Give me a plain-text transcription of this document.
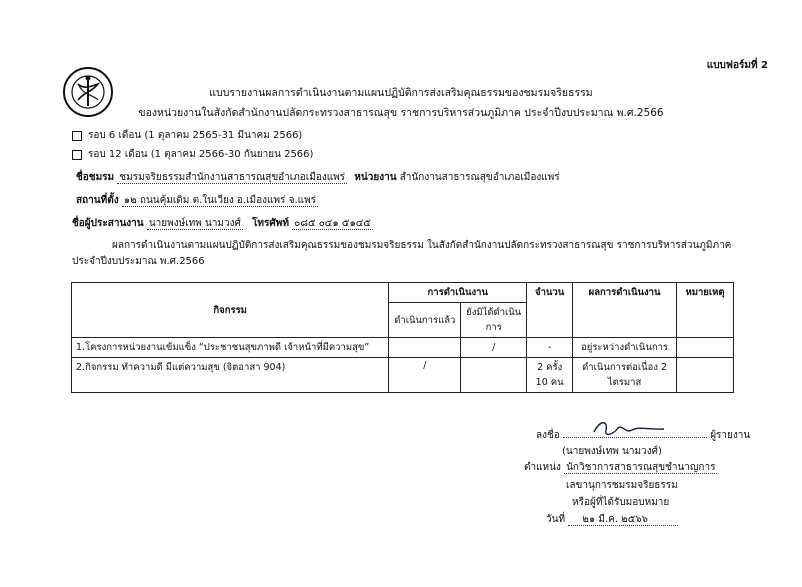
แบบฟอร์มที่ 2
แบบรายงานผลการดำเนินงานตามแผนปฏิบัติการส่งเสริมคุณธรรมของชมรมจริยธรรม
ของหน่วยงานในสังกัดสำนักงานปลัดกระทรวงสาธารณสุข ราชการบริหารส่วนภูมิภาค ประจำปีงบประมาณ พ.ศ.2566
รอบ 6 เดือน (1 ตุลาคม 2565-31 มีนาคม 2566)
รอบ 12 เดือน (1 ตุลาคม 2566-30 กันยายน 2566)
ชื่อชมรม ชมรมจริยธรรมสำนักงานสาธารณสุขอำเภอเมืองแพร่ หน่วยงาน สำนักงานสาธารณสุขอำเภอเมืองแพร่
สถานที่ตั้ง ๑๒ ถนนคุ้มเดิม ต.ในเวียง อ.เมืองแพร่ จ.แพร่
ชื่อผู้ประสานงาน นายพงษ์เทพ นามวงศ์ โทรศัพท์ ๐๘๕ ๐๔๑ ๕๑๔๕
ผลการดำเนินงานตามแผนปฏิบัติการส่งเสริมคุณธรรมของชมรมจริยธรรม ในสังกัดสำนักงานปลัดกระทรวงสาธารณสุข ราชการบริหารส่วนภูมิภาค ประจำปีงบประมาณ พ.ศ.2566
กิจกรรม	การดำเนินงาน		จำนวน	ผลการดำเนินงาน	หมายเหตุ
	ดำเนินการแล้ว	ยังมิได้ดำเนินการ			
1.โครงการหน่วยงานเข้มแข็ง “ประชาชนสุขภาพดี เจ้าหน้าที่มีความสุข”		/	-	อยู่ระหว่างดำเนินการ	
2.กิจกรรม ทำความดี มีแต่ความสุข (จิตอาสา 904)	/		2 ครั้ง 10 คน	ดำเนินการต่อเนื่อง 2 ไตรมาส	
ลงชื่อ	ผู้รายงาน
(นายพงษ์เทพ นามวงศ์)
ตำแหน่ง นักวิชาการสาธารณสุขชำนาญการ
เลขานุการชมรมจริยธรรม
หรือผู้ที่ได้รับมอบหมาย
วันที่ ๒๑ มี.ค. ๒๕๖๖
